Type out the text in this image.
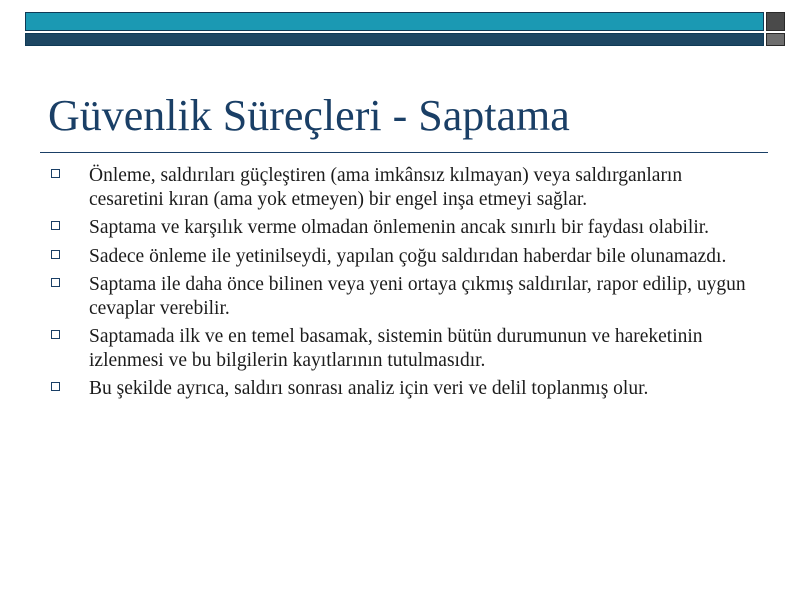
Güvenlik Süreçleri - Saptama
Önleme, saldırıları güçleştiren (ama imkânsız kılmayan) veya saldırganların cesaretini kıran (ama yok etmeyen) bir engel inşa etmeyi sağlar.
Saptama ve karşılık verme olmadan önlemenin ancak sınırlı bir faydası olabilir.
Sadece önleme ile yetinilseydi, yapılan çoğu saldırıdan haberdar bile olunamazdı.
Saptama ile daha önce bilinen veya yeni ortaya çıkmış saldırılar, rapor edilip, uygun cevaplar verebilir.
Saptamada ilk ve en temel basamak, sistemin bütün durumunun ve hareketinin izlenmesi ve bu bilgilerin kayıtlarının tutulmasıdır.
Bu şekilde ayrıca, saldırı sonrası analiz için veri ve delil toplanmış olur.
